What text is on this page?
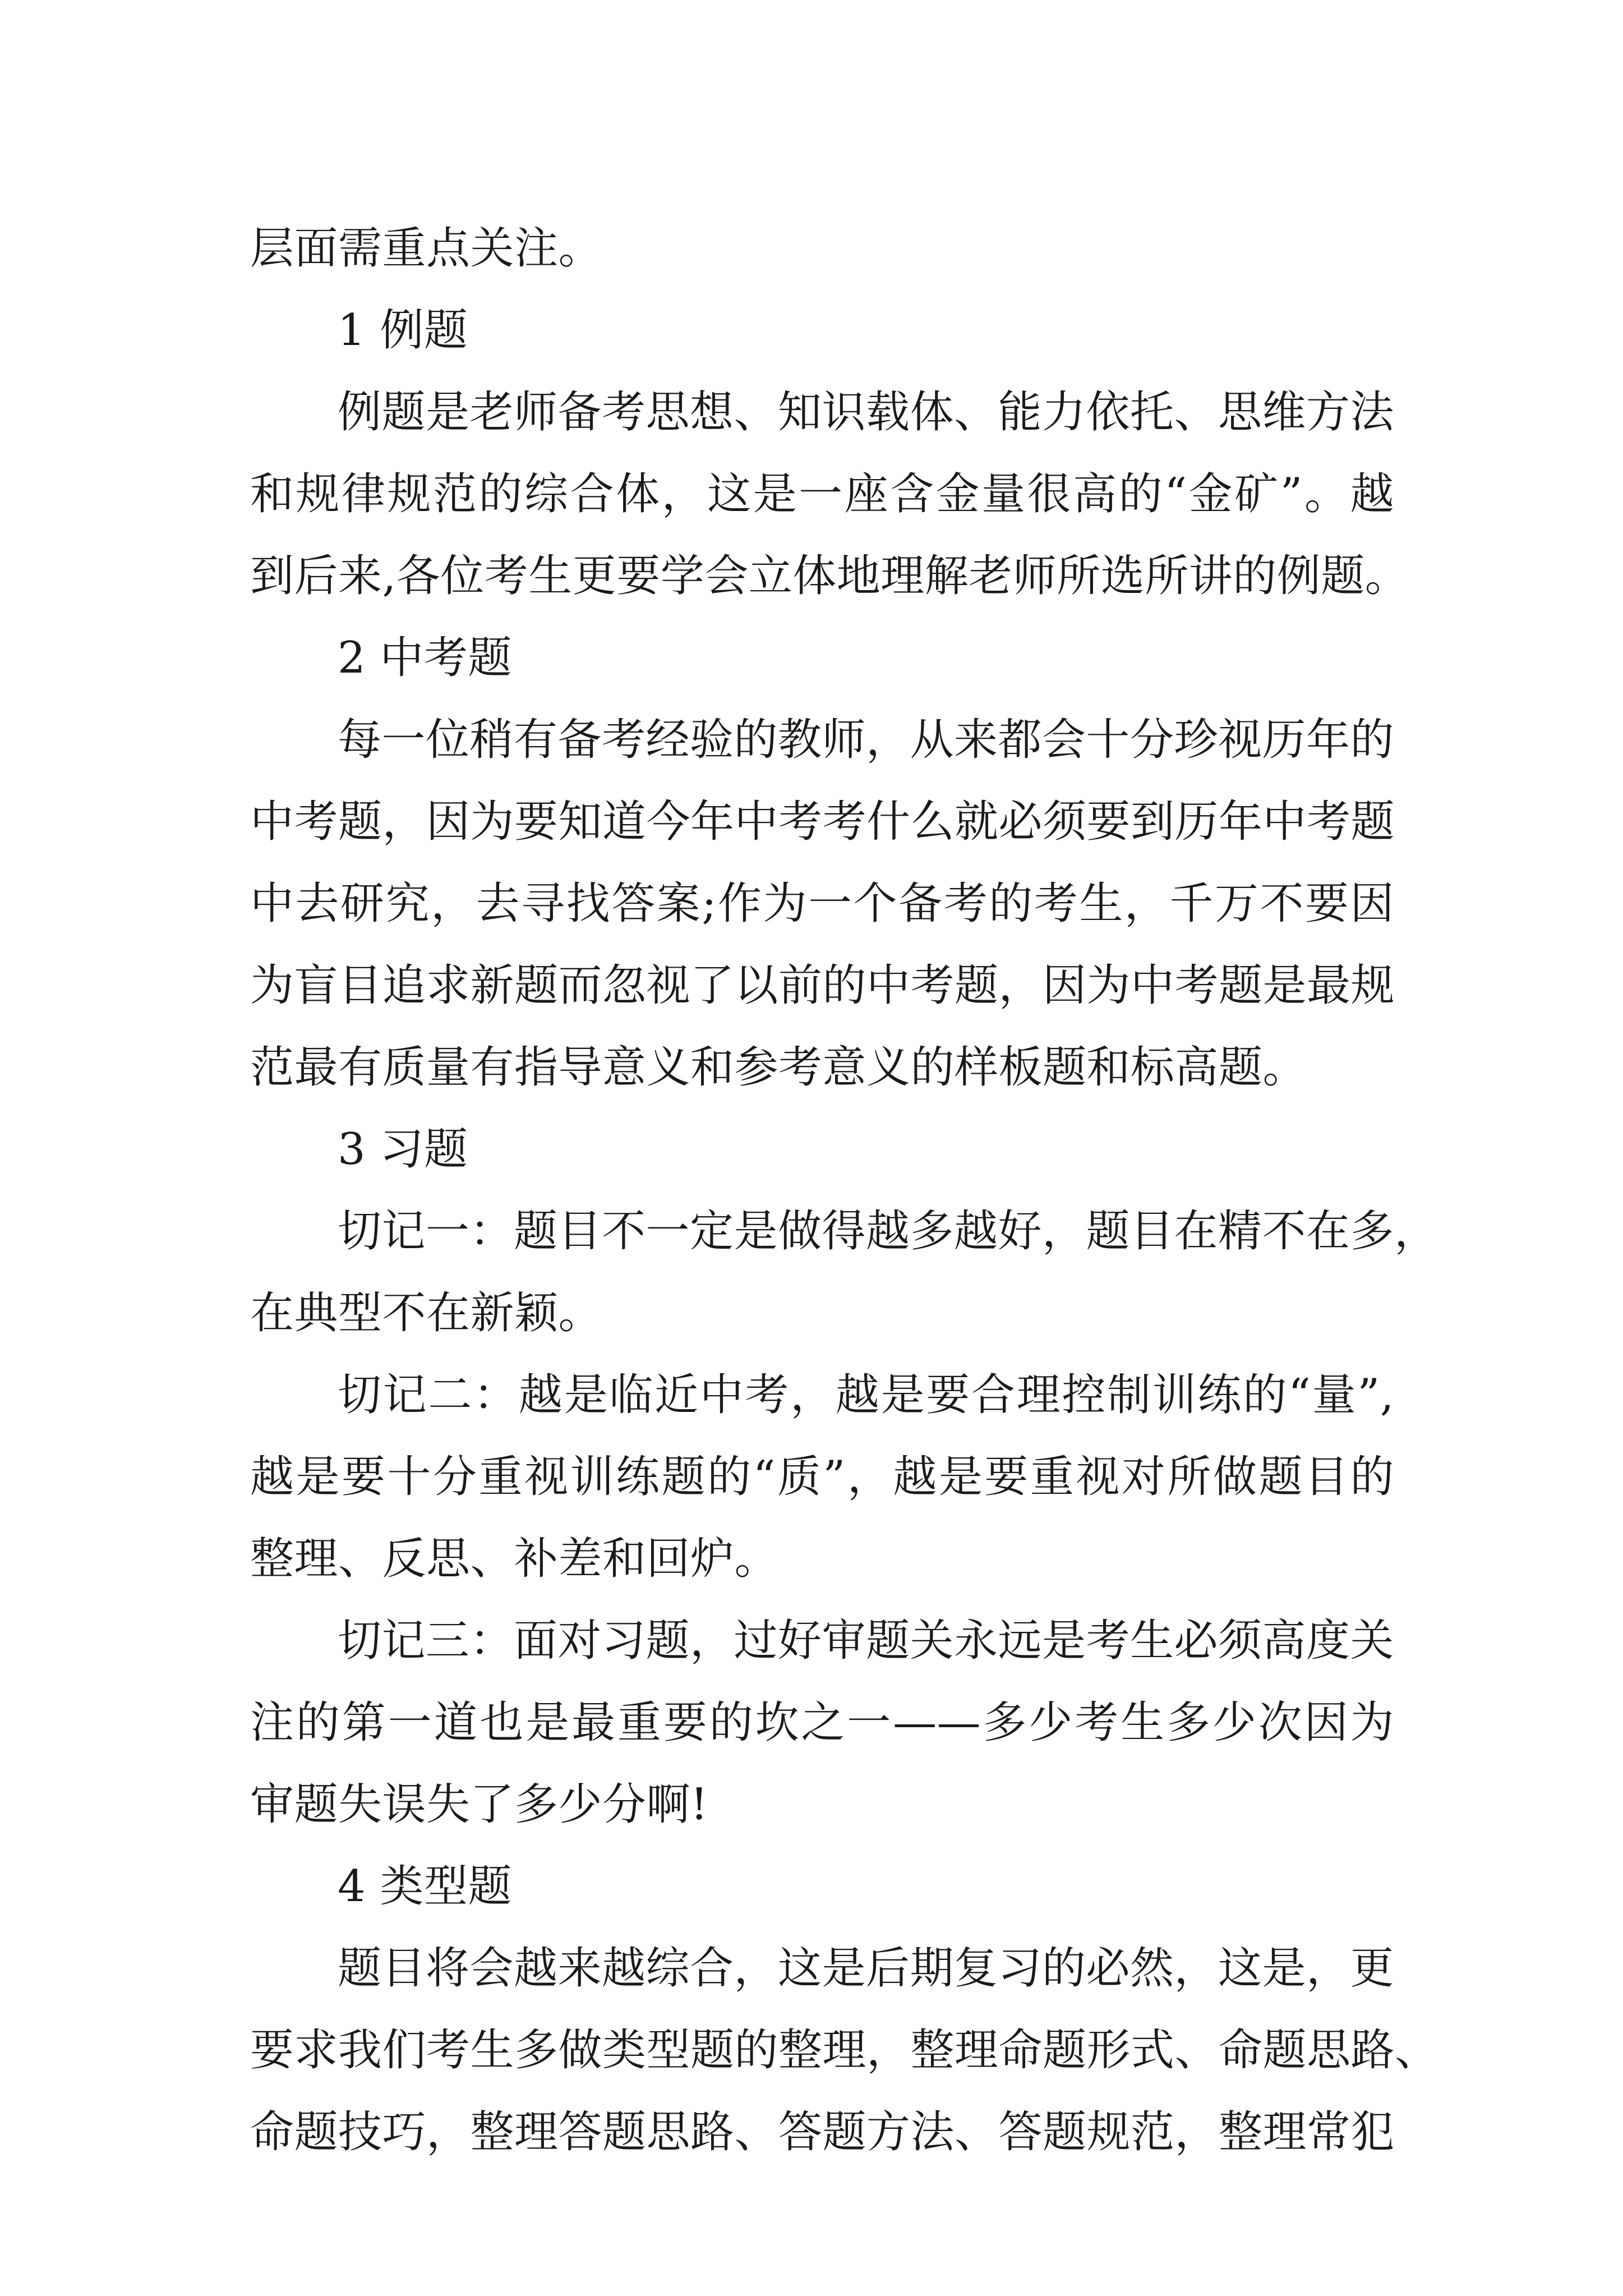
层面需重点关注。
1 例题
例题是老师备考思想、知识载体、能力依托、思维方法
和规律规范的综合体，这是一座含金量很高的“金矿”。越
到后来,各位考生更要学会立体地理解老师所选所讲的例题。
2 中考题
每一位稍有备考经验的教师，从来都会十分珍视历年的
中考题，因为要知道今年中考考什么就必须要到历年中考题
中去研究，去寻找答案;作为一个备考的考生，千万不要因
为盲目追求新题而忽视了以前的中考题，因为中考题是最规
范最有质量有指导意义和参考意义的样板题和标高题。
3 习题
切记一：题目不一定是做得越多越好，题目在精不在多，
在典型不在新颖。
切记二：越是临近中考，越是要合理控制训练的“量”,
越是要十分重视训练题的“质”，越是要重视对所做题目的
整理、反思、补差和回炉。
切记三：面对习题，过好审题关永远是考生必须高度关
注的第一道也是最重要的坎之一——多少考生多少次因为
审题失误失了多少分啊!
4 类型题
题目将会越来越综合，这是后期复习的必然，这是，更
要求我们考生多做类型题的整理，整理命题形式、命题思路、
命题技巧，整理答题思路、答题方法、答题规范，整理常犯
